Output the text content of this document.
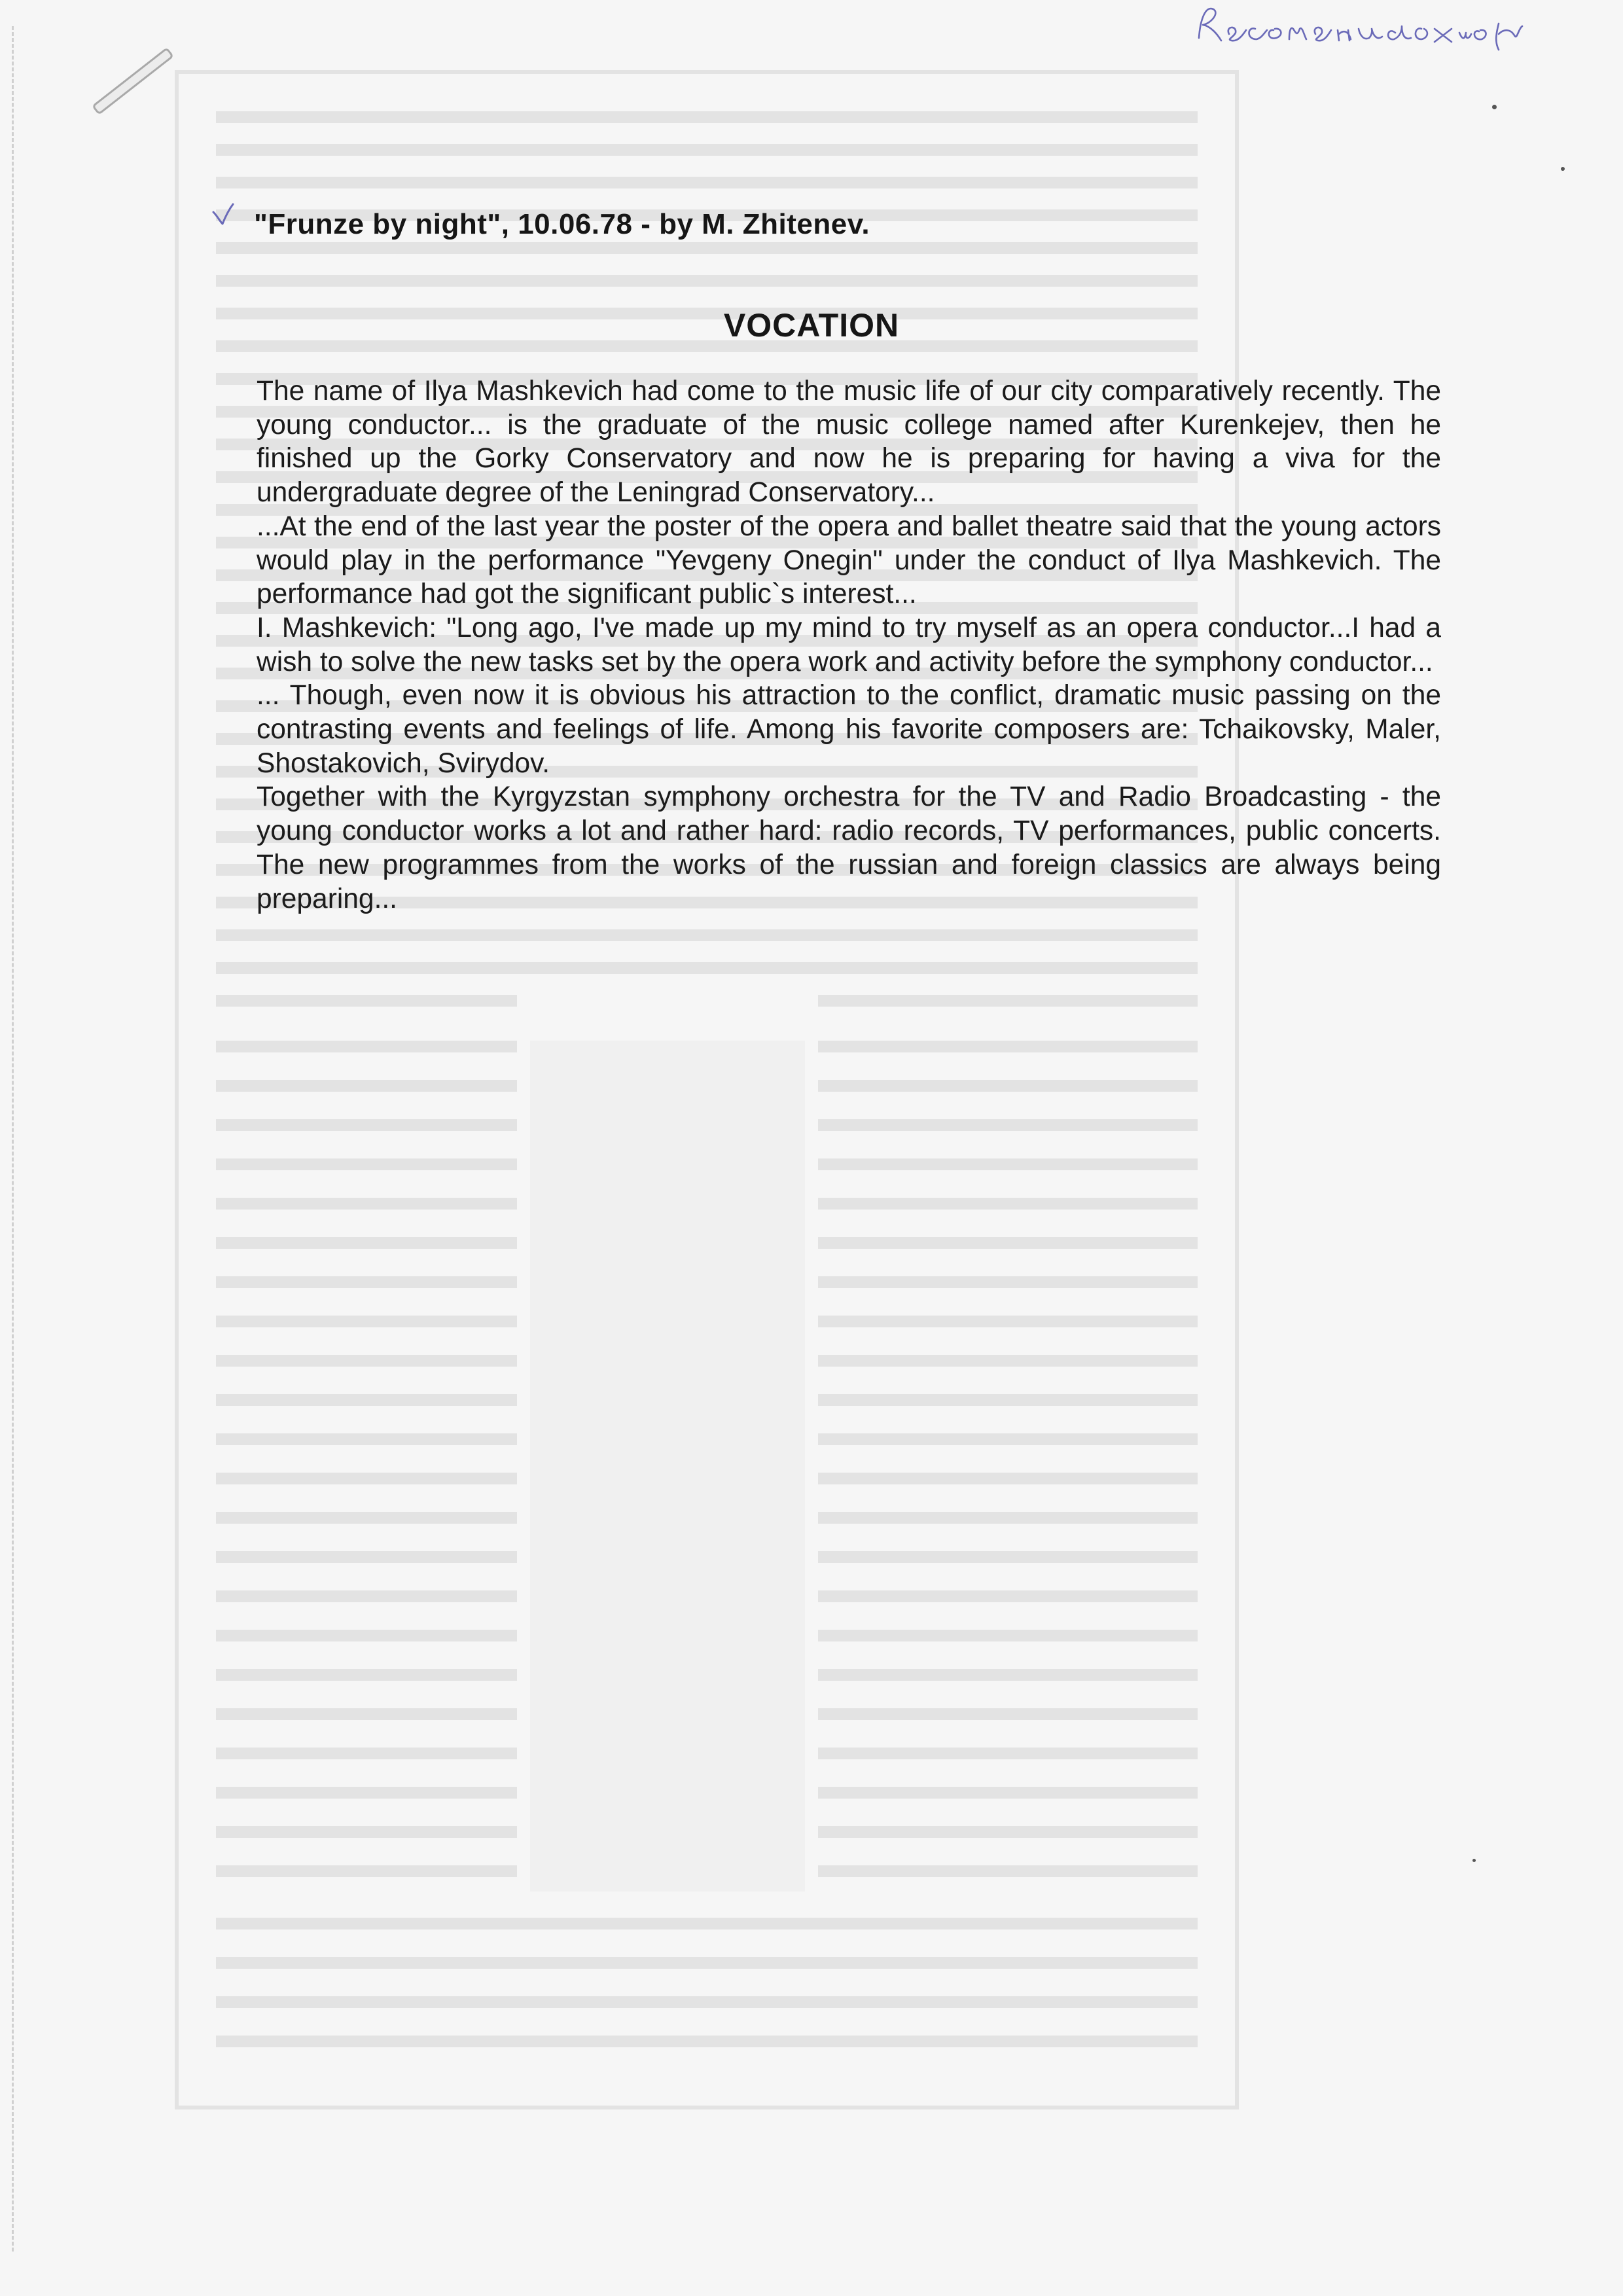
Рекомендации
"Frunze by night", 10.06.78 - by M. Zhitenev.
VOCATION

The name of Ilya Mashkevich had come to the music life of our city comparatively recently. The young conductor... is the graduate of the music college named after Kurenkejev, then he finished up the Gorky Conservatory and now he is preparing for having a viva for the undergraduate degree of the Leningrad Conservatory...

...At the end of the last year the poster of the opera and ballet theatre said that the young actors would play in the performance "Yevgeny Onegin" under the conduct of Ilya Mashkevich. The performance had got the significant public`s interest...

I. Mashkevich: "Long ago, I've made up my mind to try myself as an opera conductor...I had a wish to solve the new tasks set by the opera work and activity before the symphony conductor...

... Though, even now it is obvious his attraction to the conflict, dramatic music passing on the contrasting events and feelings of life. Among his favorite composers are: Tchaikovsky, Maler, Shostakovich, Svirydov.

Together with the Kyrgyzstan symphony orchestra for the TV and Radio Broadcasting - the young conductor works a lot and rather hard: radio records, TV performances, public concerts. The new programmes from the works of the russian and foreign classics are always being preparing...
